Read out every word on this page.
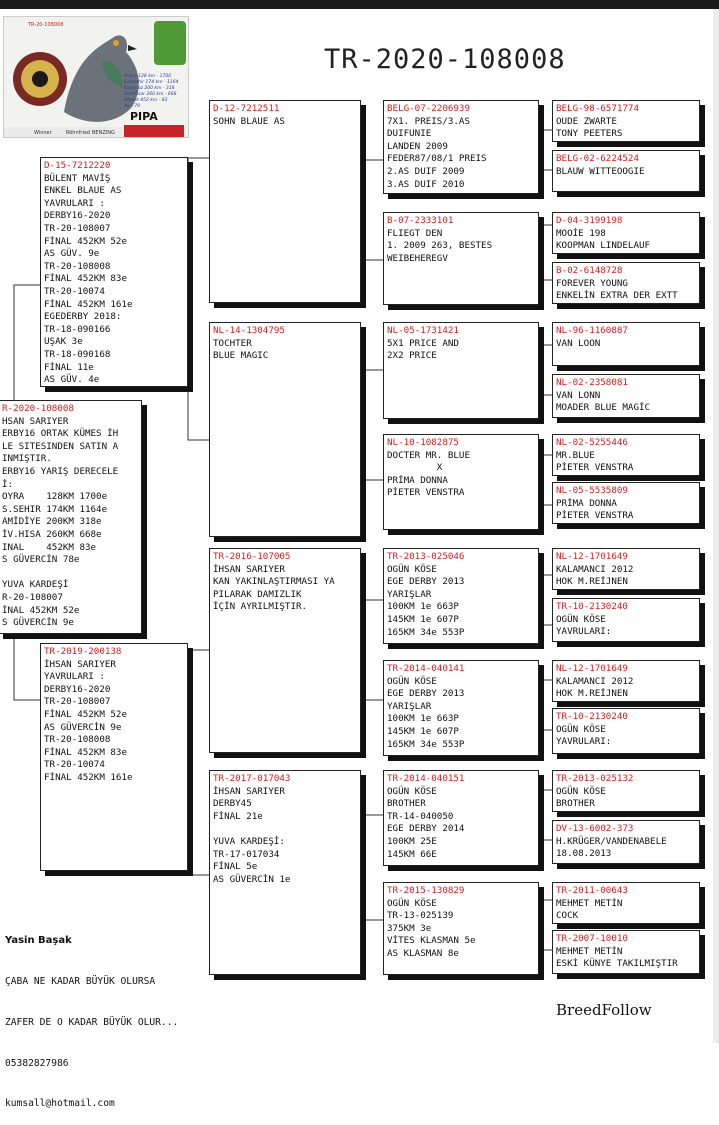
TR-20-108008
Poyra 128 km - 1700
Eskişehir 174 km - 1164
Kayımaz 200 km - 318
Sivrihisar 260 km - 668
Ahmet 452 km - 83
Ay - 79
PIPA
Winner	Röhnfried BENZING
TR-2020-108008
R-2020-108008
HSAN SARIYER
ERBY16 ORTAK KÜMES İH
LE SITESINDEN SATIN A
INMIŞTIR.
ERBY16 YARIŞ DERECELE
İ:
OYRA    128KM 1700e
S.SEHIR 174KM 1164e
AMİDİYE 200KM 318e
İV.HISA 260KM 668e
INAL    452KM 83e
S GÜVERCİN 78e

YUVA KARDEŞİ
R-20-108007
İNAL 452KM 52e
S GÜVERCİN 9e
D-15-7212220
BÜLENT MAVİŞ
ENKEL BLAUE AS
YAVRULARI :
DERBY16-2020
TR-20-108007
FİNAL 452KM 52e
AS GÜV. 9e
TR-20-108008
FİNAL 452KM 83e
TR-20-10074
FİNAL 452KM 161e
EGEDERBY 2018:
TR-18-090166
UŞAK 3e
TR-18-090168
FİNAL 11e
AS GÜV. 4e
TR-2019-200138
İHSAN SARIYER
YAVRULARI :
DERBY16-2020
TR-20-108007
FİNAL 452KM 52e
AS GÜVERCİN 9e
TR-20-108008
FİNAL 452KM 83e
TR-20-10074
FİNAL 452KM 161e
D-12-7212511
SOHN BLAUE AS
NL-14-1304795
TOCHTER
BLUE MAGIC
TR-2016-107005
İHSAN SARIYER
KAN YAKINLAŞTIRMASI YA
PILARAK DAMIZLIK
İÇİN AYRILMIŞTIR.
TR-2017-017043
İHSAN SARIYER
DERBY45
FİNAL 21e

YUVA KARDEŞİ:
TR-17-017034
FİNAL 5e
AS GÜVERCİN 1e
BELG-07-2206939
7X1. PREIS/3.AS
DUIFUNIE
LANDEN 2009
FEDER87/08/1 PREIS
2.AS DUIF 2009
3.AS DUIF 2010
B-07-2333101
FLIEGT DEN
1. 2009 263, BESTES
WEIBEHEREGV
NL-05-1731421
5X1 PRICE AND
2X2 PRICE
NL-10-1082875
DOCTER MR. BLUE
X
PRİMA DONNA
PİETER VENSTRA
TR-2013-025046
OGÜN KÖSE
EGE DERBY 2013
YARIŞLAR
100KM 1e 663P
145KM 1e 607P
165KM 34e 553P
TR-2014-040141
OGÜN KÖSE
EGE DERBY 2013
YARIŞLAR
100KM 1e 663P
145KM 1e 607P
165KM 34e 553P
TR-2014-040151
OGÜN KÖSE
BROTHER
TR-14-040050
EGE DERBY 2014
100KM 25E
145KM 66E
TR-2015-130829
OGÜN KÖSE
TR-13-025139
375KM 3e
VİTES KLASMAN 5e
AS KLASMAN 8e
BELG-98-6571774
OUDE ZWARTE
TONY PEETERS
BELG-02-6224524
BLAUW WITTEOOGIE
D-04-3199198
MOOİE 198
KOOPMAN LINDELAUF
B-02-6148728
FOREVER YOUNG
ENKELİN EXTRA DER EXTT
NL-96-1160887
VAN LOON
NL-02-2358081
VAN LONN
MOADER BLUE MAGİC
NL-02-5255446
MR.BLUE
PİETER VENSTRA
NL-05-5535809
PRİMA DONNA
PİETER VENSTRA
NL-12-1701649
KALAMANCI 2012
HOK M.REİJNEN
TR-10-2130240
OGÜN KÖSE
YAVRULARI:
NL-12-1701649
KALAMANCI 2012
HOK M.REİJNEN
TR-10-2130240
OGÜN KÖSE
YAVRULARI:
TR-2013-025132
OGÜN KÖSE
BROTHER
DV-13-6002-373
H.KRÜGER/VANDENABELE
18.08.2013
TR-2011-00643
MEHMET METİN
COCK
TR-2007-10010
MEHMET METİN
ESKİ KÜNYE TAKILMIŞTIR

Yasin Başak

ÇABA NE KADAR BÜYÜK OLURSA

ZAFER DE O KADAR BÜYÜK OLUR...

05382827986

kumsall@hotmail.com

BreedFollow
